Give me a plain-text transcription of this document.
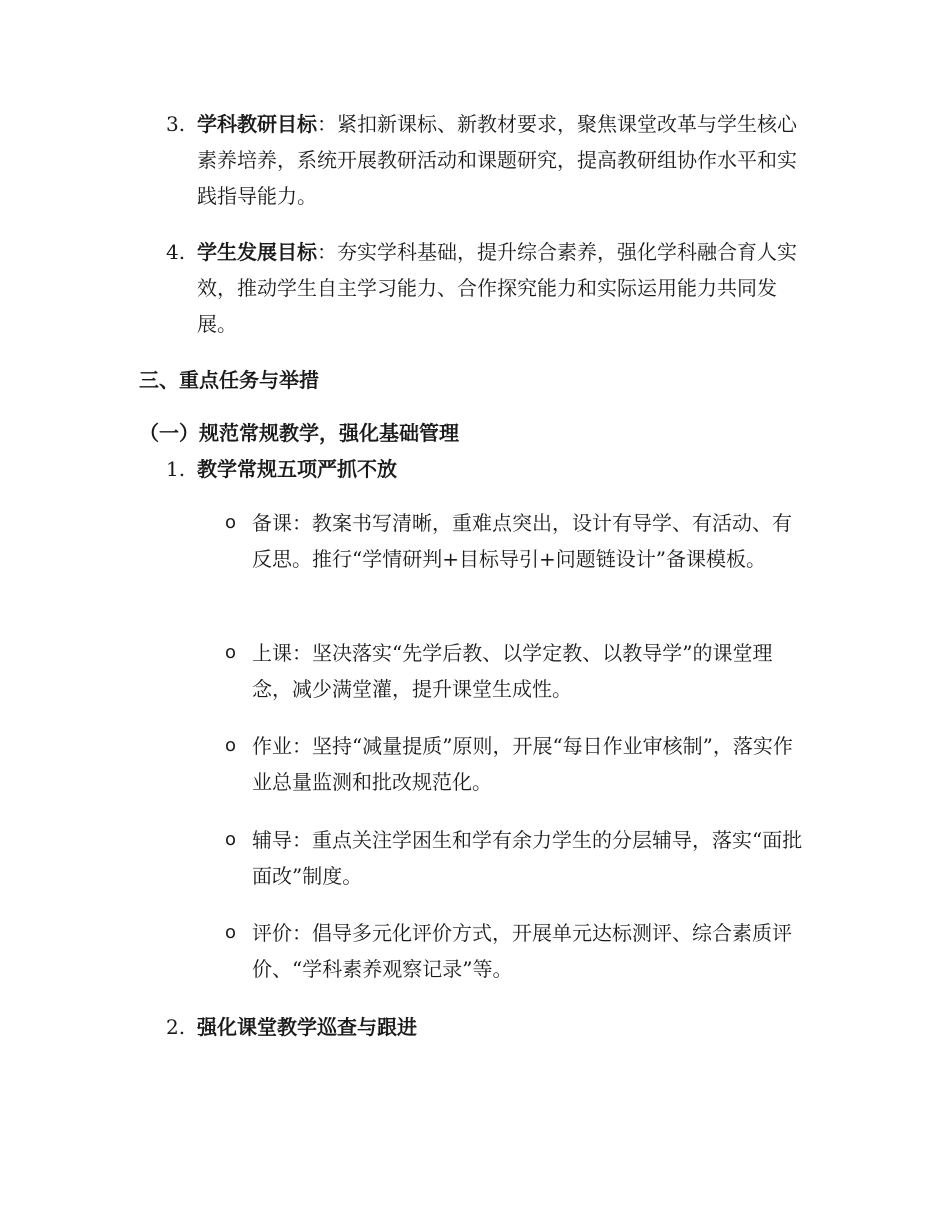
3. 学科教研目标：紧扣新课标、新教材要求，聚焦课堂改革与学生核心素养培养，系统开展教研活动和课题研究，提高教研组协作水平和实践指导能力。
4. 学生发展目标：夯实学科基础，提升综合素养，强化学科融合育人实效，推动学生自主学习能力、合作探究能力和实际运用能力共同发展。
三、重点任务与举措
（一）规范常规教学，强化基础管理
1. 教学常规五项严抓不放
o 备课：教案书写清晰，重难点突出，设计有导学、有活动、有反思。推行“学情研判+目标导引+问题链设计”备课模板。
o 上课：坚决落实“先学后教、以学定教、以教导学”的课堂理念，减少满堂灌，提升课堂生成性。
o 作业：坚持“减量提质”原则，开展“每日作业审核制”，落实作业总量监测和批改规范化。
o 辅导：重点关注学困生和学有余力学生的分层辅导，落实“面批面改”制度。
o 评价：倡导多元化评价方式，开展单元达标测评、综合素质评价、“学科素养观察记录”等。
2. 强化课堂教学巡查与跟进
